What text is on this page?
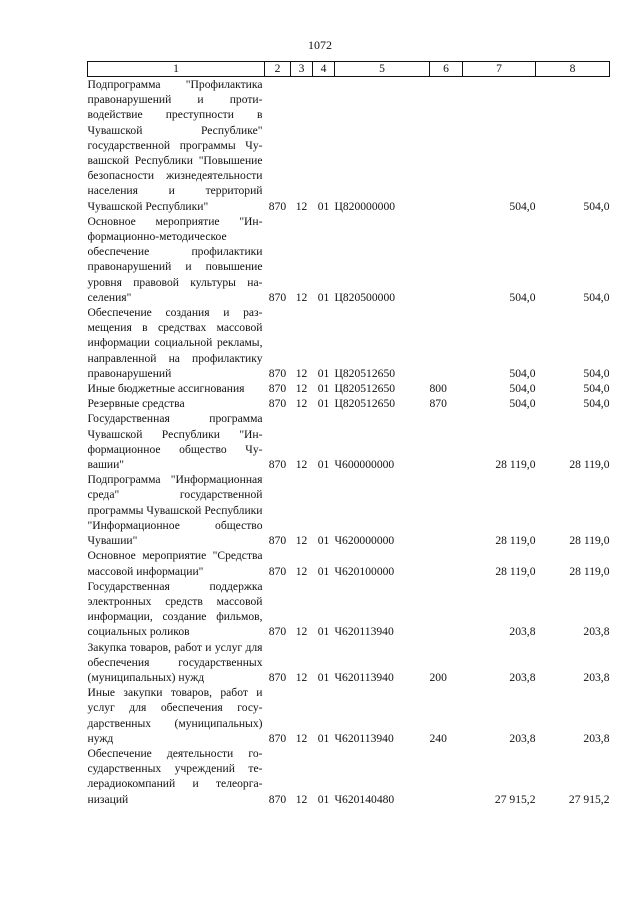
1072
1	2	3	4	5	6	7	8
Подпрограмма "Профилактика правонарушений и противодействие преступности в Чувашской Республике" государственной программы Чувашской Республики "Повышение безопасности жизнедеятельности населения и территорий Чувашской Республики"	870	12	01	Ц820000000		504,0	504,0
Основное мероприятие "Информационно-методическое обеспечение профилактики правонарушений и повышение уровня правовой культуры населения"	870	12	01	Ц820500000		504,0	504,0
Обеспечение создания и размещения в средствах массовой информации социальной рекламы, направленной на профилактику правонарушений	870	12	01	Ц820512650		504,0	504,0
Иные бюджетные ассигнования	870	12	01	Ц820512650	800	504,0	504,0
Резервные средства	870	12	01	Ц820512650	870	504,0	504,0
Государственная программа Чувашской Республики "Информационное общество Чувашии"	870	12	01	Ч600000000		28 119,0	28 119,0
Подпрограмма "Информационная среда" государственной программы Чувашской Республики "Информационное общество Чувашии"	870	12	01	Ч620000000		28 119,0	28 119,0
Основное мероприятие "Средства массовой информации"	870	12	01	Ч620100000		28 119,0	28 119,0
Государственная поддержка электронных средств массовой информации, создание фильмов, социальных роликов	870	12	01	Ч620113940		203,8	203,8
Закупка товаров, работ и услуг для обеспечения государственных (муниципальных) нужд	870	12	01	Ч620113940	200	203,8	203,8
Иные закупки товаров, работ и услуг для обеспечения государственных (муниципальных) нужд	870	12	01	Ч620113940	240	203,8	203,8
Обеспечение деятельности государственных учреждений телерадиокомпаний и телеорганизаций	870	12	01	Ч620140480		27 915,2	27 915,2
